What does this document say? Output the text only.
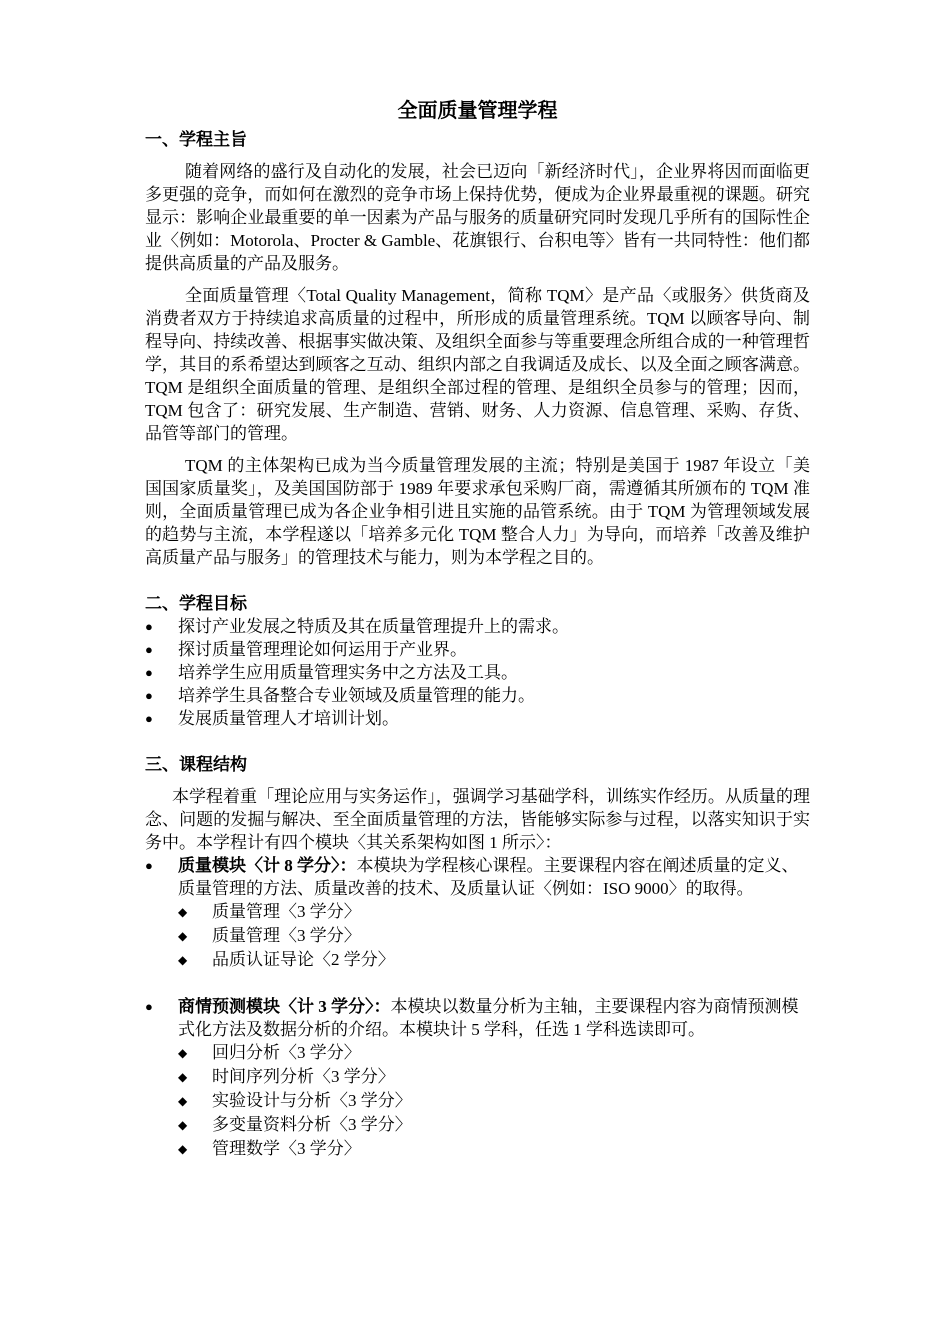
全面质量管理学程
一、学程主旨

随着网络的盛行及自动化的发展，社会已迈向「新经济时代」，企业界将因而面临更多更强的竞争，而如何在激烈的竞争市场上保持优势，便成为企业界最重视的课题。研究显示：影响企业最重要的单一因素为产品与服务的质量研究同时发现几乎所有的国际性企业〈例如：Motorola、Procter & Gamble、花旗银行、台积电等〉皆有一共同特性：他们都提供高质量的产品及服务。

全面质量管理〈Total Quality Management，简称 TQM〉是产品〈或服务〉供货商及消费者双方于持续追求高质量的过程中，所形成的质量管理系统。TQM 以顾客导向、制程导向、持续改善、根据事实做决策、及组织全面参与等重要理念所组合成的一种管理哲学，其目的系希望达到顾客之互动、组织内部之自我调适及成长、以及全面之顾客满意。TQM 是组织全面质量的管理、是组织全部过程的管理、是组织全员参与的管理；因而，TQM 包含了：研究发展、生产制造、营销、财务、人力资源、信息管理、采购、存货、品管等部门的管理。

TQM 的主体架构已成为当今质量管理发展的主流；特别是美国于 1987 年设立「美国国家质量奖」，及美国国防部于 1989 年要求承包采购厂商，需遵循其所颁布的 TQM 准则，全面质量管理已成为各企业争相引进且实施的品管系统。由于 TQM 为管理领域发展的趋势与主流，本学程遂以「培养多元化 TQM 整合人力」为导向，而培养「改善及维护高质量产品与服务」的管理技术与能力，则为本学程之目的。

二、学程目标
●	探讨产业发展之特质及其在质量管理提升上的需求。
●	探讨质量管理理论如何运用于产业界。
●	培养学生应用质量管理实务中之方法及工具。
●	培养学生具备整合专业领域及质量管理的能力。
●	发展质量管理人才培训计划。
三、课程结构

本学程着重「理论应用与实务运作」，强调学习基础学科，训练实作经历。从质量的理念、问题的发掘与解决、至全面质量管理的方法，皆能够实际参与过程，以落实知识于实务中。本学程计有四个模块〈其关系架构如图 1 所示〉：

●	质量模块〈计 8 学分〉：本模块为学程核心课程。主要课程内容在阐述质量的定义、质量管理的方法、质量改善的技术、及质量认证〈例如：ISO 9000〉的取得。
◆ 质量管理〈3 学分〉
◆ 质量管理〈3 学分〉
◆ 品质认证导论〈2 学分〉
●	商情预测模块〈计 3 学分〉：本模块以数量分析为主轴，主要课程内容为商情预测模式化方法及数据分析的介绍。本模块计 5 学科，任选 1 学科选读即可。
◆ 回归分析〈3 学分〉
◆ 时间序列分析〈3 学分〉
◆ 实验设计与分析〈3 学分〉
◆ 多变量资料分析〈3 学分〉
◆ 管理数学〈3 学分〉
